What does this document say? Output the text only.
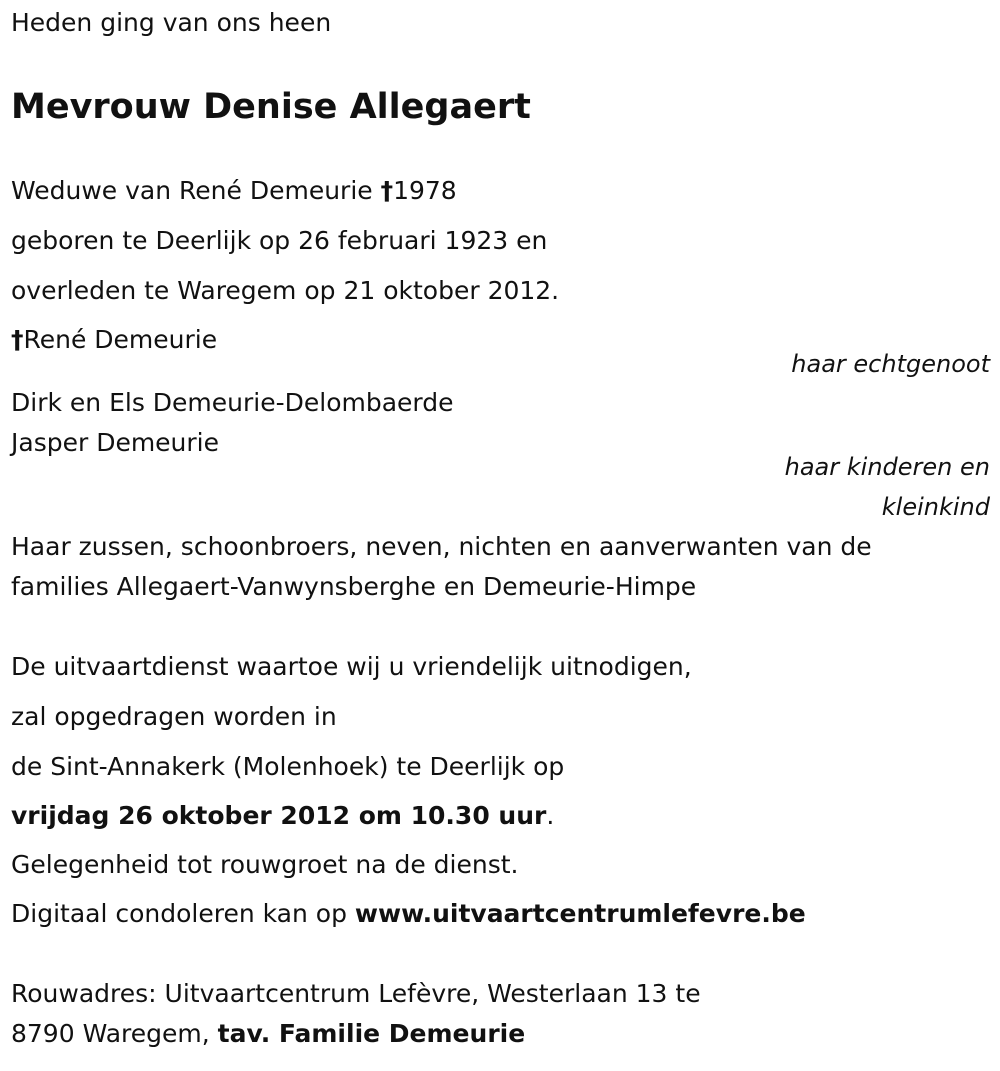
Heden ging van ons heen
Mevrouw Denise Allegaert
Weduwe van René Demeurie †1978
geboren te Deerlijk op 26 februari 1923 en
overleden te Waregem op 21 oktober 2012.
†René Demeurie
haar echtgenoot
Dirk en Els Demeurie-Delombaerde
Jasper Demeurie
haar kinderen en
kleinkind
Haar zussen, schoonbroers, neven, nichten en aanverwanten van de
families Allegaert-Vanwynsberghe en Demeurie-Himpe
De uitvaartdienst waartoe wij u vriendelijk uitnodigen,
zal opgedragen worden in
de Sint-Annakerk (Molenhoek) te Deerlijk op
vrijdag 26 oktober 2012 om 10.30 uur.
Gelegenheid tot rouwgroet na de dienst.
Digitaal condoleren kan op www.uitvaartcentrumlefevre.be
Rouwadres: Uitvaartcentrum Lefèvre, Westerlaan 13 te
8790 Waregem, tav. Familie Demeurie
